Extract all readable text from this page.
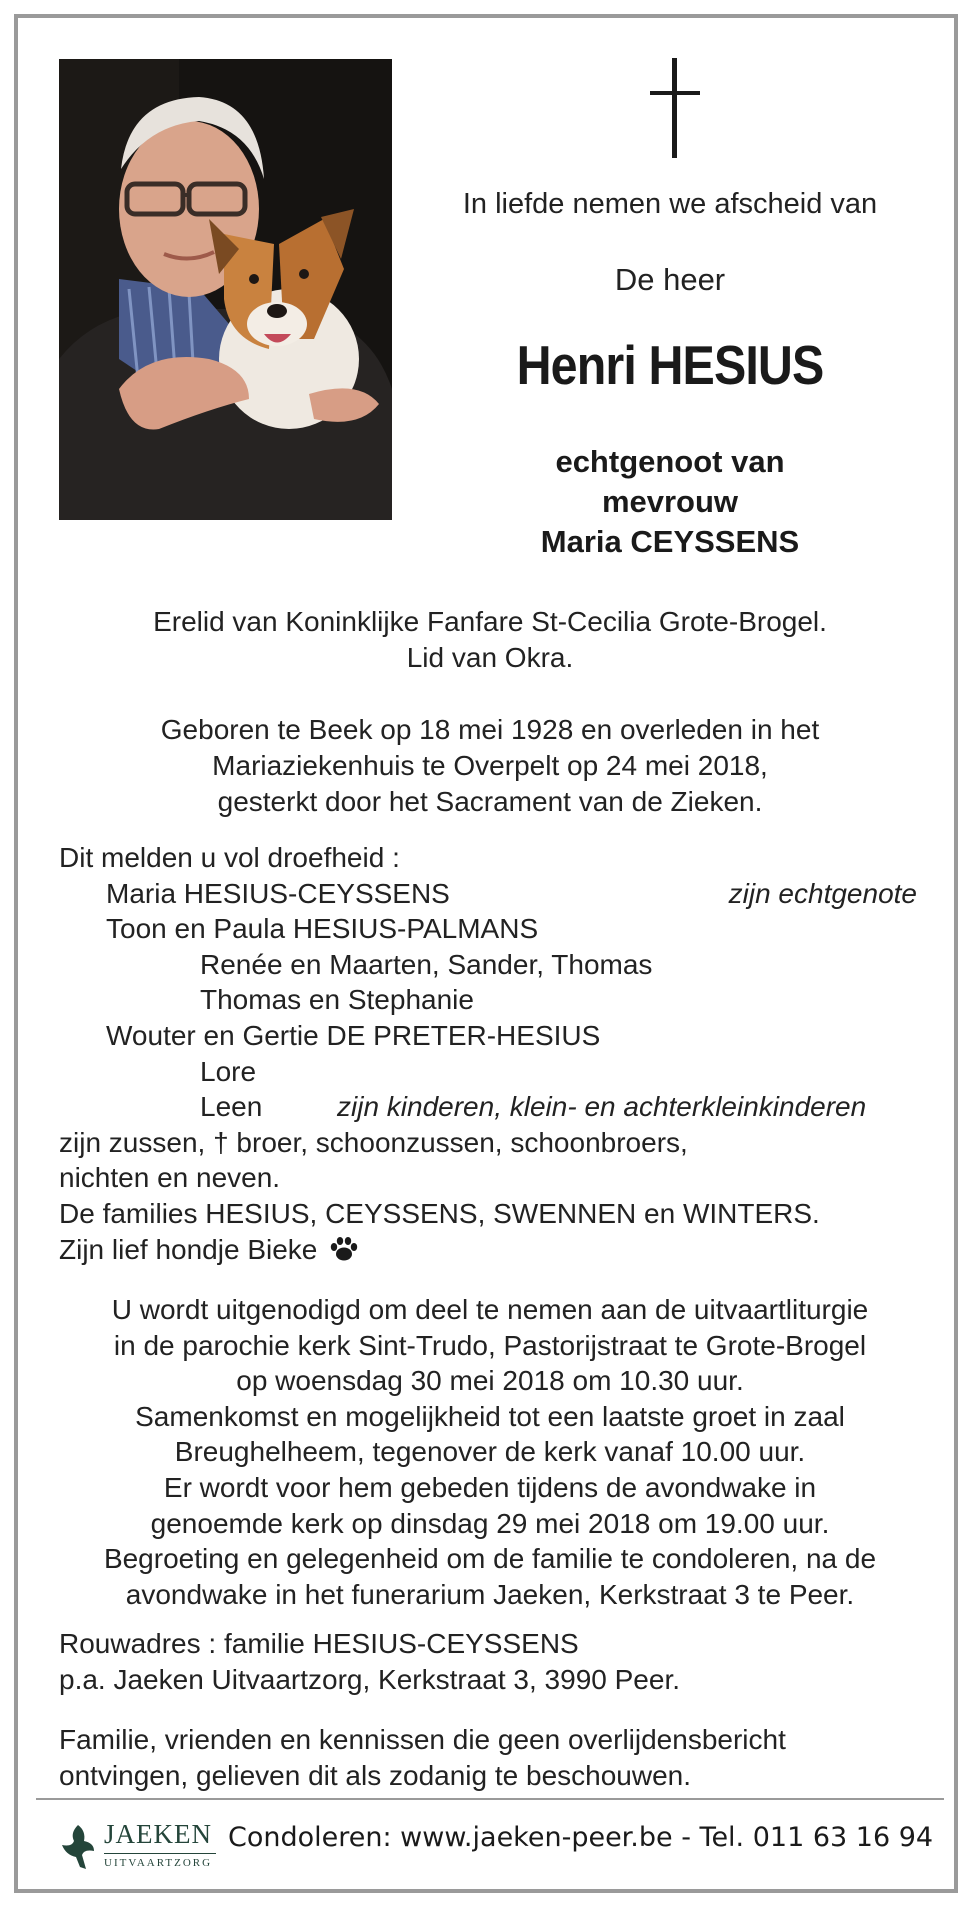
In liefde nemen we afscheid van
De heer
Henri HESIUS
echtgenoot van
mevrouw
Maria CEYSSENS
Erelid van Koninklijke Fanfare St-Cecilia Grote-Brogel.
Lid van Okra.
Geboren te Beek op 18 mei 1928 en overleden in het
Mariaziekenhuis te Overpelt op 24 mei 2018,
gesterkt door het Sacrament van de Zieken.
Dit melden u vol droefheid :
Maria HESIUS-CEYSSENS	zijn echtgenote
Toon en Paula HESIUS-PALMANS
Renée en Maarten, Sander, Thomas
Thomas en Stephanie
Wouter en Gertie DE PRETER-HESIUS
Lore
Leen	zijn kinderen, klein- en achterkleinkinderen
zijn zussen, † broer, schoonzussen, schoonbroers,
nichten en neven.
De families HESIUS, CEYSSENS, SWENNEN en WINTERS.
Zijn lief hondje Bieke
U wordt uitgenodigd om deel te nemen aan de uitvaartliturgie
in de parochie kerk Sint-Trudo, Pastorijstraat te Grote-Brogel
op woensdag 30 mei 2018 om 10.30 uur.
Samenkomst en mogelijkheid tot een laatste groet in zaal
Breughelheem, tegenover de kerk vanaf 10.00 uur.
Er wordt voor hem gebeden tijdens de avondwake in
genoemde kerk op dinsdag 29 mei 2018 om 19.00 uur.
Begroeting en gelegenheid om de familie te condoleren, na de
avondwake in het funerarium Jaeken, Kerkstraat 3 te Peer.
Rouwadres : familie HESIUS-CEYSSENS
p.a. Jaeken Uitvaartzorg, Kerkstraat 3, 3990 Peer.
Familie, vrienden en kennissen die geen overlijdensbericht
ontvingen, gelieven dit als zodanig te beschouwen.
JAEKEN
UITVAARTZORG
Condoleren: www.jaeken-peer.be - Tel. 011 63 16 94
